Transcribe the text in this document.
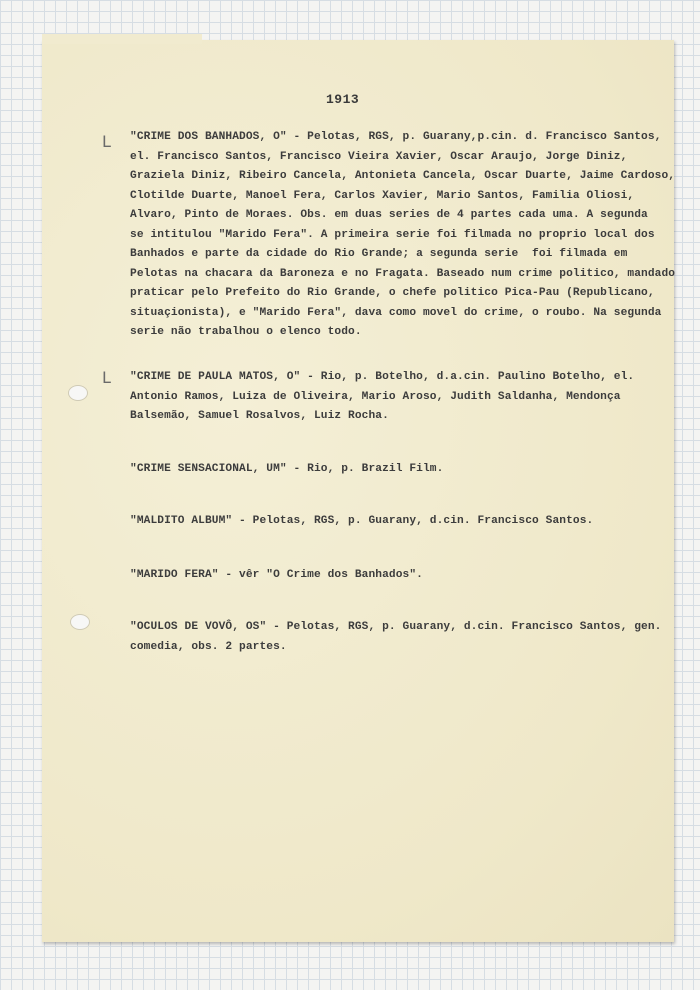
1913
L
L

"CRIME DOS BANHADOS, O" - Pelotas, RGS, p. Guarany,p.cin. d. Francisco Santos,
el. Francisco Santos, Francisco Vieira Xavier, Oscar Araujo, Jorge Diniz,
Graziela Diniz, Ribeiro Cancela, Antonieta Cancela, Oscar Duarte, Jaime Cardoso,
Clotilde Duarte, Manoel Fera, Carlos Xavier, Mario Santos, Familia Oliosi,
Alvaro, Pinto de Moraes. Obs. em duas series de 4 partes cada uma. A segunda
se intitulou "Marido Fera". A primeira serie foi filmada no proprio local dos
Banhados e parte da cidade do Rio Grande; a segunda serie  foi filmada em
Pelotas na chacara da Baroneza e no Fragata. Baseado num crime politico, mandado
praticar pelo Prefeito do Rio Grande, o chefe politico Pica-Pau (Republicano,
situaçionista), e "Marido Fera", dava como movel do crime, o roubo. Na segunda
serie não trabalhou o elenco todo.

"CRIME DE PAULA MATOS, O" - Rio, p. Botelho, d.a.cin. Paulino Botelho, el.
Antonio Ramos, Luiza de Oliveira, Mario Aroso, Judith Saldanha, Mendonça
Balsemão, Samuel Rosalvos, Luiz Rocha.

"CRIME SENSACIONAL, UM" - Rio, p. Brazil Film.

"MALDITO ALBUM" - Pelotas, RGS, p. Guarany, d.cin. Francisco Santos.

"MARIDO FERA" - vêr "O Crime dos Banhados".

"OCULOS DE VOVÔ, OS" - Pelotas, RGS, p. Guarany, d.cin. Francisco Santos, gen.
comedia, obs. 2 partes.
